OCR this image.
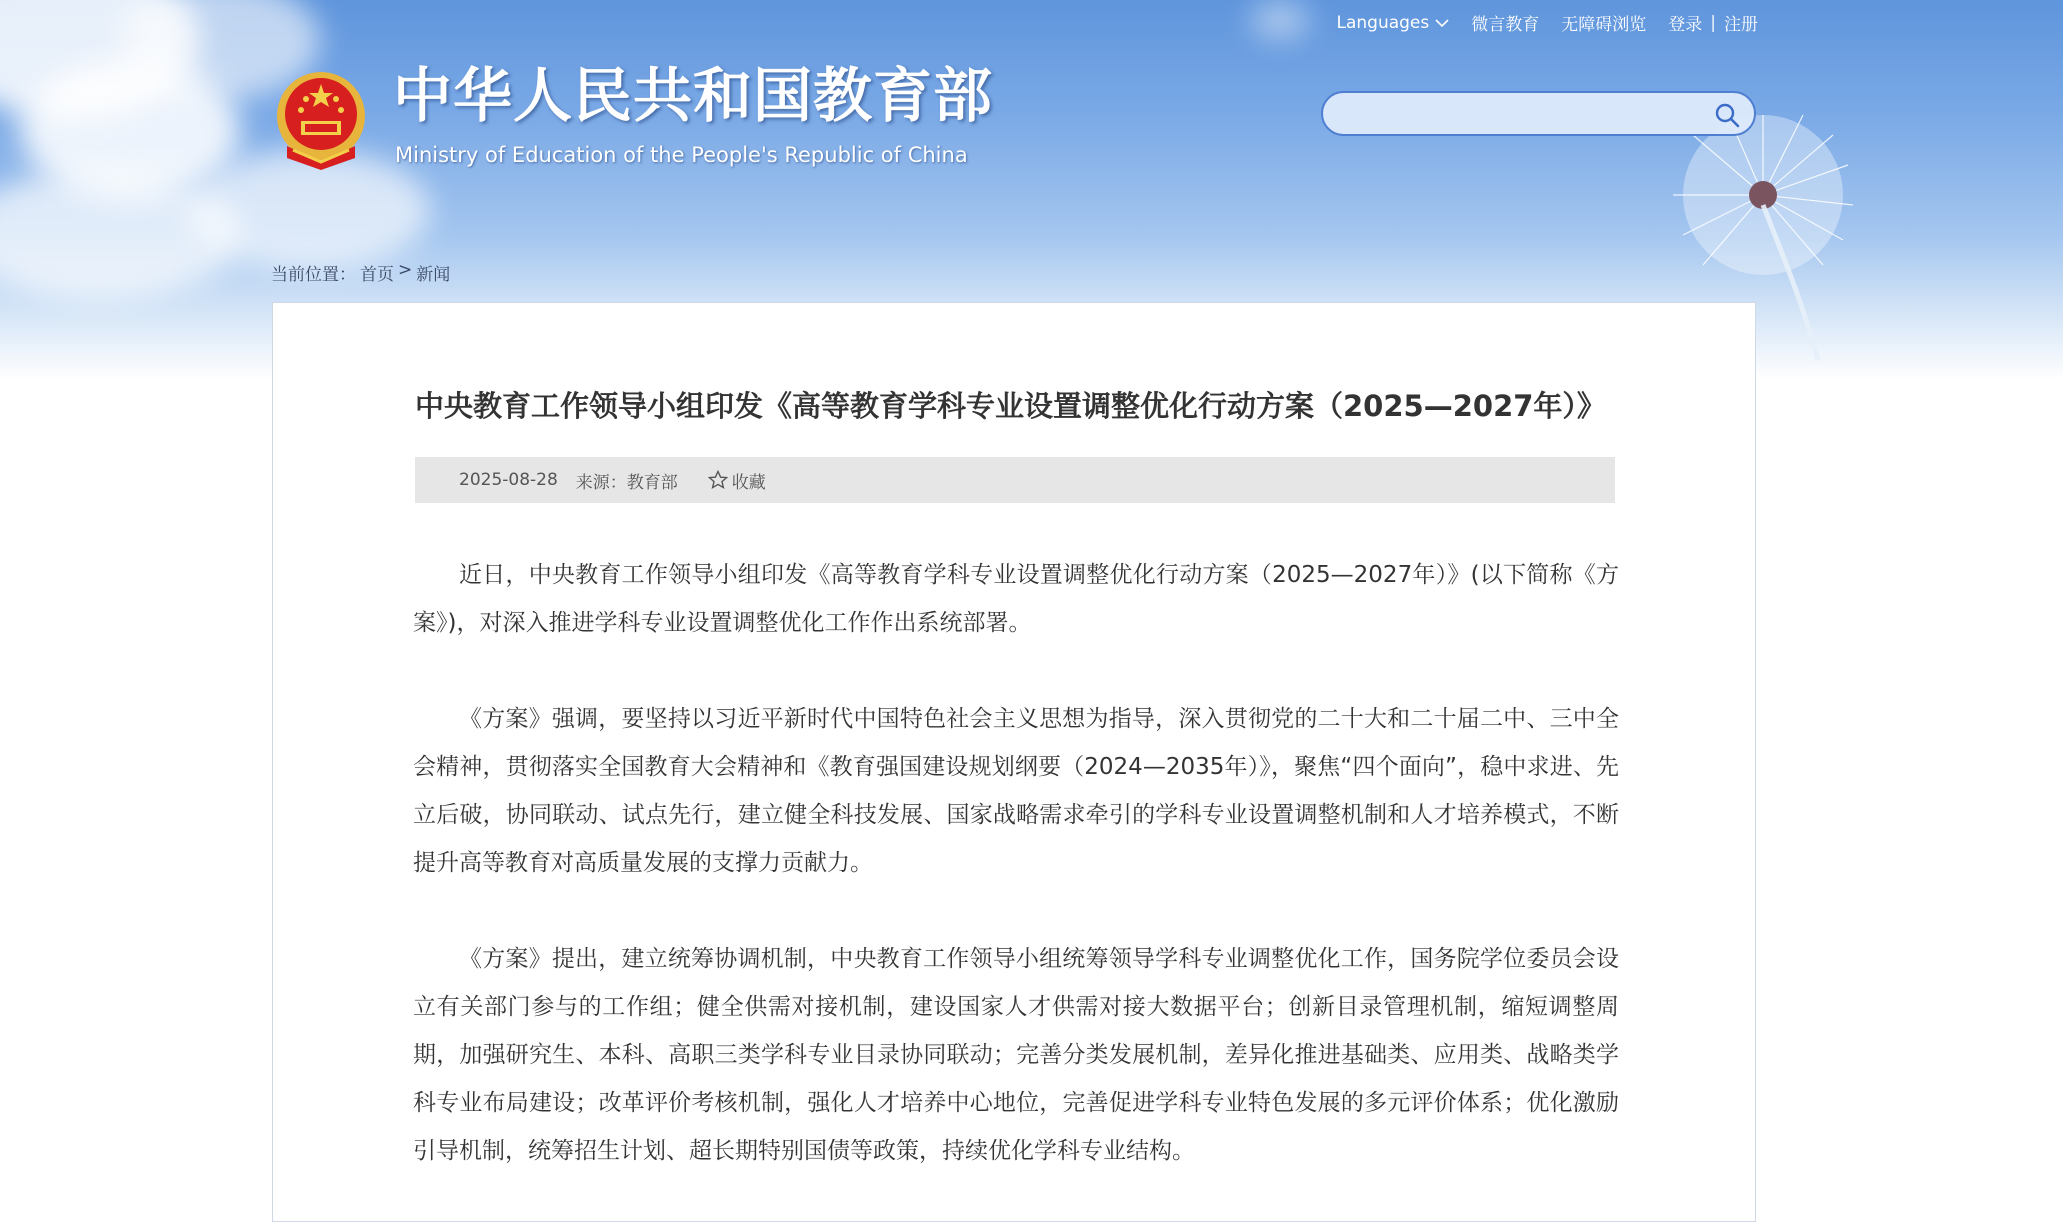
Languages 微言教育 无障碍浏览 登录 | 注册
中华人民共和国教育部
Ministry of Education of the People's Republic of China
当前位置： 首页 > 新闻
中央教育工作领导小组印发《高等教育学科专业设置调整优化行动方案（2025—2027年）》
2025-08-28 来源：教育部	收藏

近日，中央教育工作领导小组印发《高等教育学科专业设置调整优化行动方案（2025—2027年）》(以下简称《方案》)，对深入推进学科专业设置调整优化工作作出系统部署。

《方案》强调，要坚持以习近平新时代中国特色社会主义思想为指导，深入贯彻党的二十大和二十届二中、三中全会精神，贯彻落实全国教育大会精神和《教育强国建设规划纲要（2024—2035年）》，聚焦“四个面向”，稳中求进、先立后破，协同联动、试点先行，建立健全科技发展、国家战略需求牵引的学科专业设置调整机制和人才培养模式，不断提升高等教育对高质量发展的支撑力贡献力。

《方案》提出，建立统筹协调机制，中央教育工作领导小组统筹领导学科专业调整优化工作，国务院学位委员会设立有关部门参与的工作组；健全供需对接机制，建设国家人才供需对接大数据平台；创新目录管理机制，缩短调整周期，加强研究生、本科、高职三类学科专业目录协同联动；完善分类发展机制，差异化推进基础类、应用类、战略类学科专业布局建设；改革评价考核机制，强化人才培养中心地位，完善促进学科专业特色发展的多元评价体系；优化激励引导机制，统筹招生计划、超长期特别国债等政策，持续优化学科专业结构。
